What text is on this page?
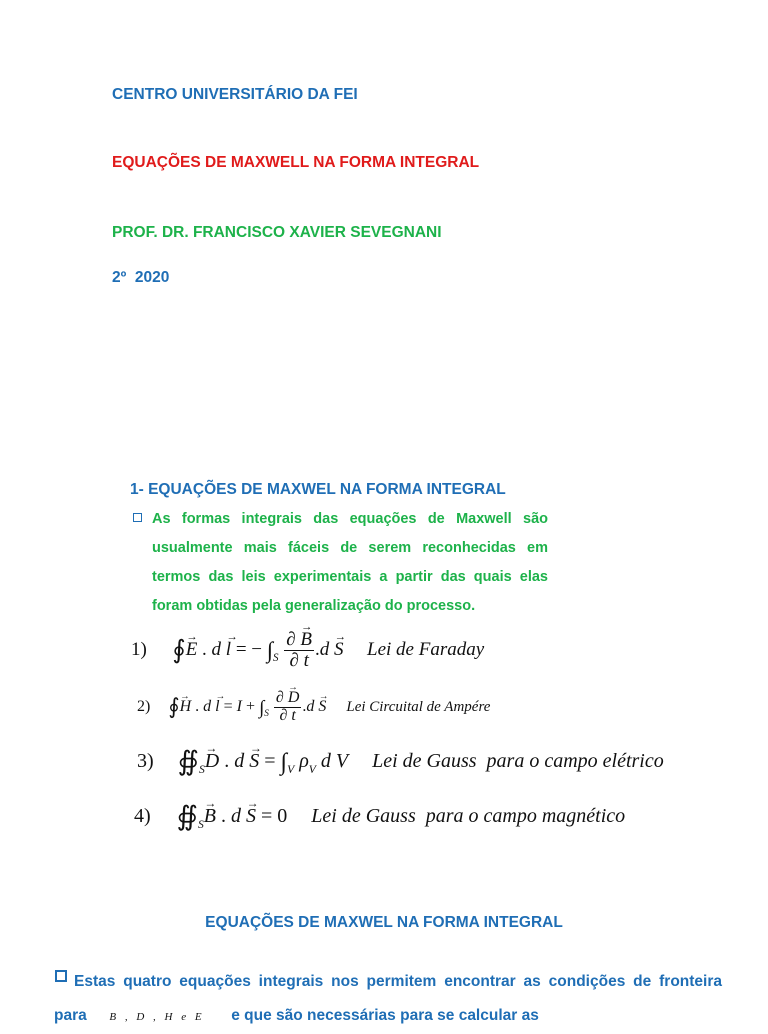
CENTRO UNIVERSITÁRIO DA FEI
EQUAÇÕES DE MAXWELL NA FORMA INTEGRAL
PROF. DR. FRANCISCO XAVIER SEVEGNANI
2º  2020
1- EQUAÇÕES DE MAXWEL NA FORMA INTEGRAL
As formas integrais das equações de Maxwell são usualmente mais fáceis de serem reconhecidas em termos das leis experimentais a partir das quais elas foram obtidas pela generalização do processo.
1) ∮→ E . d → l = − $\int_S \frac{\partial \to B}{\partial t} .d \to S$ Lei de Faraday
2) ∮→ H . $d \to l = I + \int_S \frac{\partial \to D}{\partial t} .d \to S$ Lei Circuital de Ampére
3) $∯_S\to D$ . $d \to S = \int_V$ $\rho_V$ d V Lei de Gauss  para o campo elétrico
4) $∯_S\to B$ . d → S = 0  Lei de Gauss  para o campo magnético
EQUAÇÕES DE MAXWEL NA FORMA INTEGRAL
Estas quatro equações integrais nos permitem encontrar as condições de fronteira para B , D , H e E e que são necessárias para se calcular as
